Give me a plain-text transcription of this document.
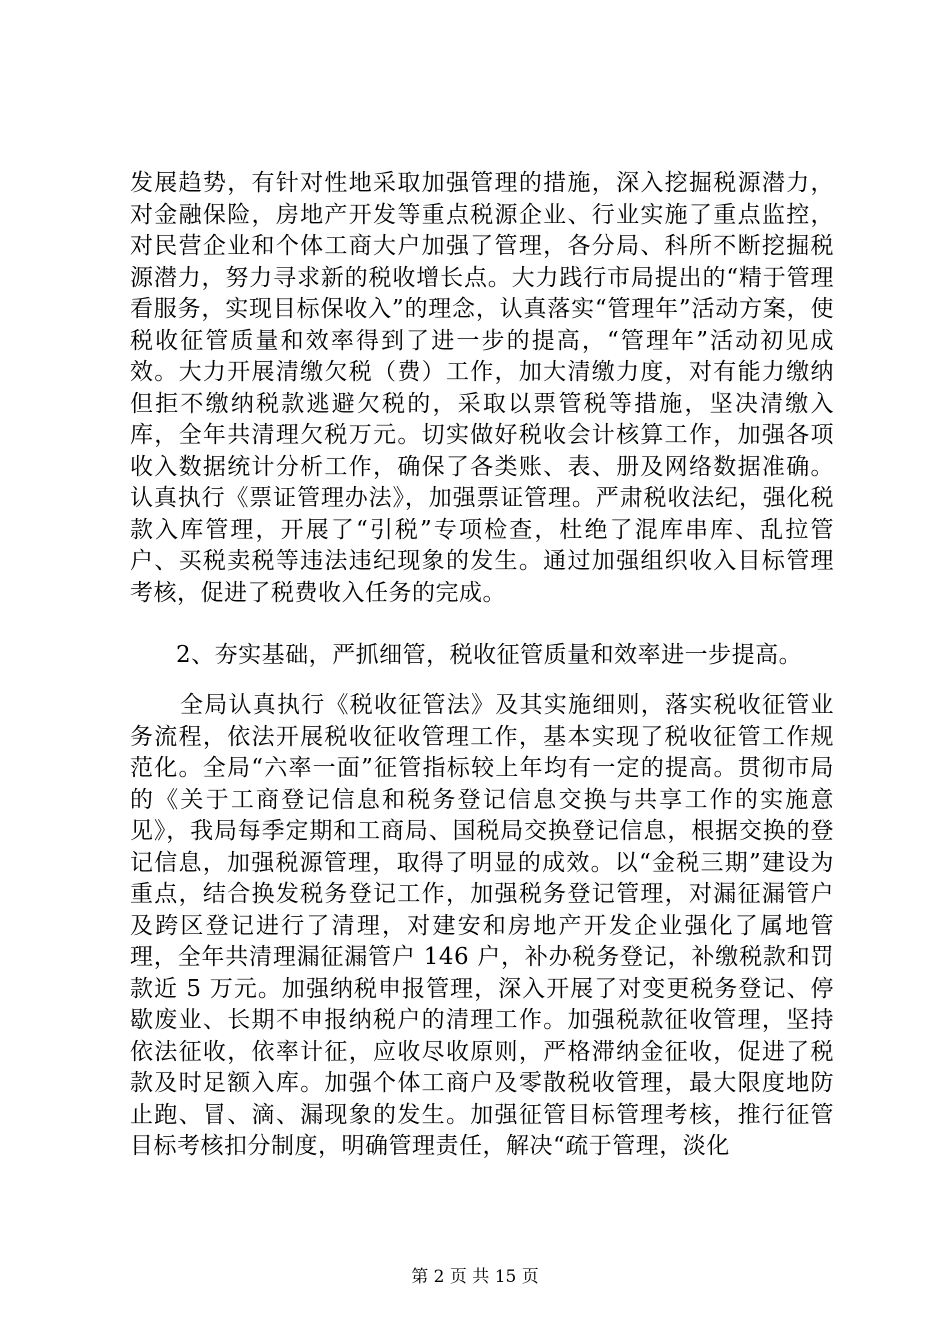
发展趋势，有针对性地采取加强管理的措施，深入挖掘税源潜力，对金融保险，房地产开发等重点税源企业、行业实施了重点监控，对民营企业和个体工商大户加强了管理，各分局、科所不断挖掘税源潜力，努力寻求新的税收增长点。大力践行市局提出的“精于管理看服务，实现目标保收入”的理念，认真落实“管理年”活动方案，使税收征管质量和效率得到了进一步的提高，“管理年”活动初见成效。大力开展清缴欠税（费）工作，加大清缴力度，对有能力缴纳但拒不缴纳税款逃避欠税的，采取以票管税等措施，坚决清缴入库，全年共清理欠税万元。切实做好税收会计核算工作，加强各项收入数据统计分析工作，确保了各类账、表、册及网络数据准确。认真执行《票证管理办法》，加强票证管理。严肃税收法纪，强化税款入库管理，开展了“引税”专项检查，杜绝了混库串库、乱拉管户、买税卖税等违法违纪现象的发生。通过加强组织收入目标管理考核，促进了税费收入任务的完成。
2、夯实基础，严抓细管，税收征管质量和效率进一步提高。
全局认真执行《税收征管法》及其实施细则，落实税收征管业务流程，依法开展税收征收管理工作，基本实现了税收征管工作规范化。全局“六率一面”征管指标较上年均有一定的提高。贯彻市局的《关于工商登记信息和税务登记信息交换与共享工作的实施意见》，我局每季定期和工商局、国税局交换登记信息，根据交换的登记信息，加强税源管理，取得了明显的成效。以“金税三期”建设为重点，结合换发税务登记工作，加强税务登记管理，对漏征漏管户及跨区登记进行了清理，对建安和房地产开发企业强化了属地管理，全年共清理漏征漏管户 146 户，补办税务登记，补缴税款和罚款近 5 万元。加强纳税申报管理，深入开展了对变更税务登记、停歇废业、长期不申报纳税户的清理工作。加强税款征收管理，坚持依法征收，依率计征，应收尽收原则，严格滞纳金征收，促进了税款及时足额入库。加强个体工商户及零散税收管理，最大限度地防止跑、冒、滴、漏现象的发生。加强征管目标管理考核，推行征管目标考核扣分制度，明确管理责任，解决“疏于管理，淡化
第 2 页 共 15 页
